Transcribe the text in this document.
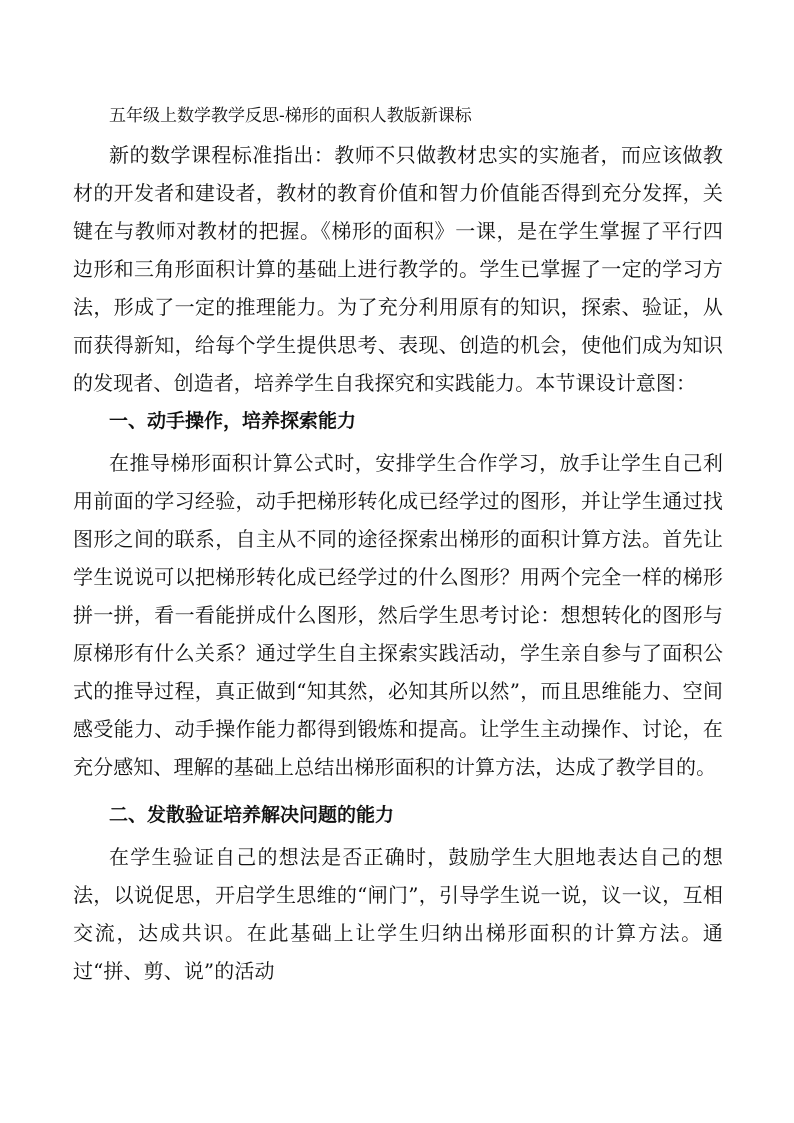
五年级上数学教学反思-梯形的面积人教版新课标

新的数学课程标准指出：教师不只做教材忠实的实施者，而应该做教材的开发者和建设者，教材的教育价值和智力价值能否得到充分发挥，关键在与教师对教材的把握。《梯形的面积》一课，是在学生掌握了平行四边形和三角形面积计算的基础上进行教学的。学生已掌握了一定的学习方法，形成了一定的推理能力。为了充分利用原有的知识，探索、验证，从而获得新知，给每个学生提供思考、表现、创造的机会，使他们成为知识的发现者、创造者，培养学生自我探究和实践能力。本节课设计意图：

一、动手操作，培养探索能力

在推导梯形面积计算公式时，安排学生合作学习，放手让学生自己利用前面的学习经验，动手把梯形转化成已经学过的图形，并让学生通过找图形之间的联系，自主从不同的途径探索出梯形的面积计算方法。首先让学生说说可以把梯形转化成已经学过的什么图形？用两个完全一样的梯形拼一拼，看一看能拼成什么图形，然后学生思考讨论：想想转化的图形与原梯形有什么关系？通过学生自主探索实践活动，学生亲自参与了面积公式的推导过程，真正做到“知其然，必知其所以然”，而且思维能力、空间感受能力、动手操作能力都得到锻炼和提高。让学生主动操作、讨论，在充分感知、理解的基础上总结出梯形面积的计算方法，达成了教学目的。

二、发散验证培养解决问题的能力

在学生验证自己的想法是否正确时，鼓励学生大胆地表达自己的想法，以说促思，开启学生思维的“闸门”，引导学生说一说，议一议，互相交流，达成共识。在此基础上让学生归纳出梯形面积的计算方法。通过“拼、剪、说”的活动
